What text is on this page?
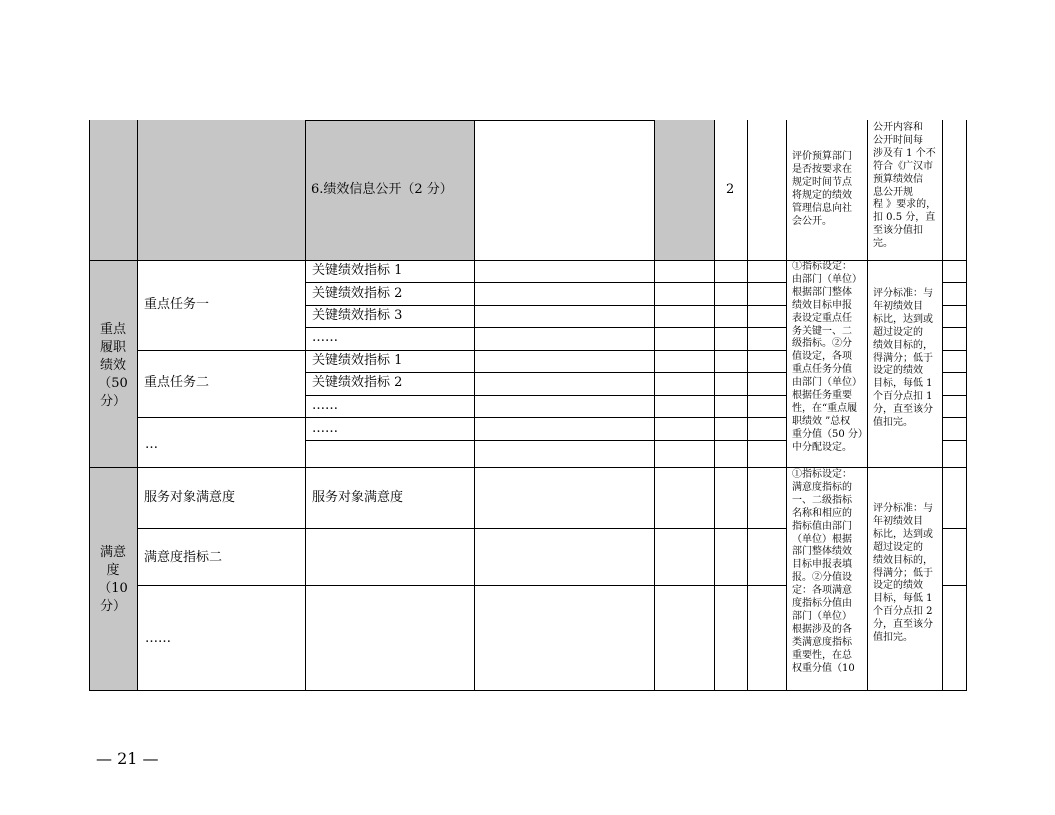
6.绩效信息公开（2 分）	2
评价预算部门
是否按要求在
规定时间节点
将规定的绩效
管理信息向社
会公开。
公开内容和
公开时间每
涉及有 1 个不
符合《广汉市
预算绩效信
息公开规
程 》要求的，
扣 0.5 分，直
至该分值扣
完。
重点
履职
绩效
（50
分）
重点任务一
重点任务二
…
关键绩效指标 1
关键绩效指标 2
关键绩效指标 3
……
关键绩效指标 1
关键绩效指标 2
……
……
①指标设定：
由部门（单位）
根据部门整体
绩效目标申报
表设定重点任
务关键一、二
级指标。②分
值设定，各项
重点任务分值
由部门（单位）
根据任务重要
性，在“重点履
职绩效 ”总权
重分值（50 分）
中分配设定。
评分标准：与
年初绩效目
标比，达到或
超过设定的
绩效目标的，
得满分；低于
设定的绩效
目标，每低 1
个百分点扣 1
分，直至该分
值扣完。
满意
度
（10
分）
服务对象满意度	服务对象满意度
满意度指标二
……
①指标设定：
满意度指标的
一、二级指标
名称和相应的
指标值由部门
（单位）根据
部门整体绩效
目标申报表填
报。②分值设
定：各项满意
度指标分值由
部门（单位）
根据涉及的各
类满意度指标
重要性，在总
权重分值（10
评分标准：与
年初绩效目
标比，达到或
超过设定的
绩效目标的，
得满分；低于
设定的绩效
目标，每低 1
个百分点扣 2
分，直至该分
值扣完。
— 21 —
